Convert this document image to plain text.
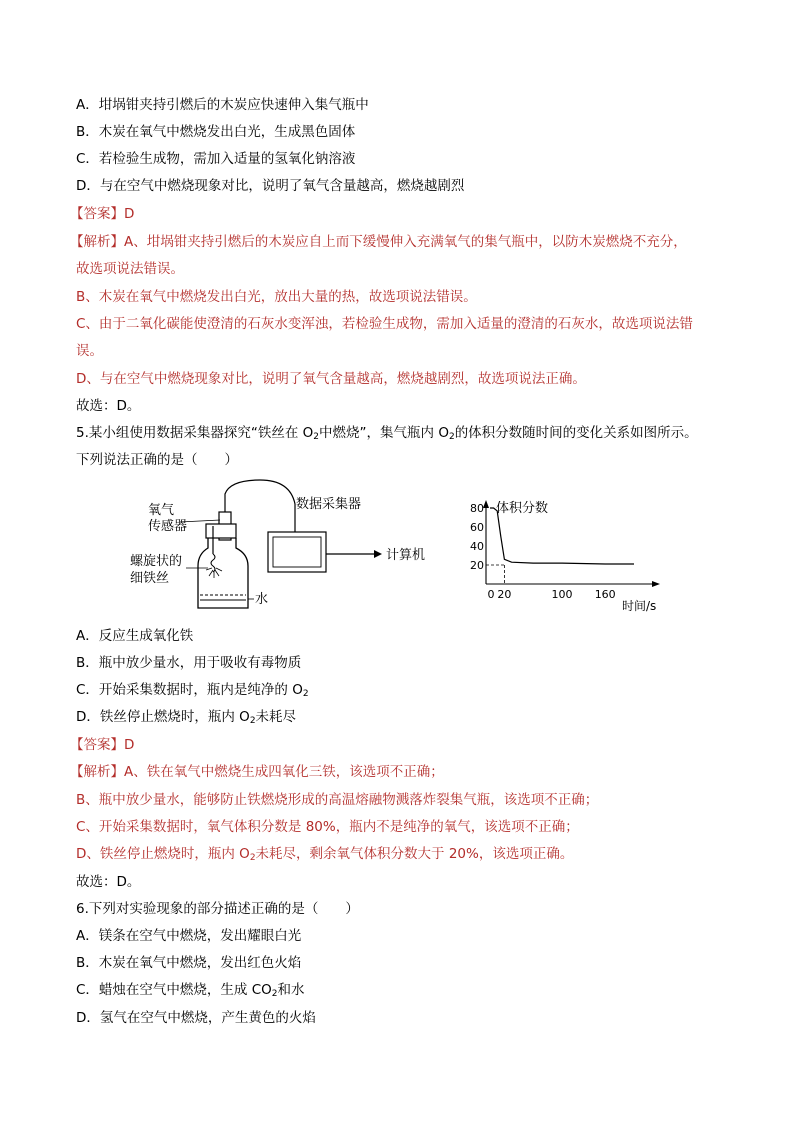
A．坩埚钳夹持引燃后的木炭应快速伸入集气瓶中
B．木炭在氧气中燃烧发出白光，生成黑色固体
C．若检验生成物，需加入适量的氢氧化钠溶液
D．与在空气中燃烧现象对比，说明了氧气含量越高，燃烧越剧烈
【答案】D
【解析】A、坩埚钳夹持引燃后的木炭应自上而下缓慢伸入充满氧气的集气瓶中，以防木炭燃烧不充分，
故选项说法错误。
B、木炭在氧气中燃烧发出白光，放出大量的热，故选项说法错误。
C、由于二氧化碳能使澄清的石灰水变浑浊，若检验生成物，需加入适量的澄清的石灰水，故选项说法错
误。
D、与在空气中燃烧现象对比，说明了氧气含量越高，燃烧越剧烈，故选项说法正确。
故选：D。
5.某小组使用数据采集器探究“铁丝在 $O_2$中燃烧”，集气瓶内 $O_2$的体积分数随时间的变化关系如图所示。
下列说法正确的是（　　）
氧气
传感器
螺旋状的
细铁丝
水
数据采集器
计算机
80
60
40
20
0 20	100 160
体积分数
时间/s
A．反应生成氧化铁
B．瓶中放少量水，用于吸收有毒物质
C．开始采集数据时，瓶内是纯净的 $O_2$
D．铁丝停止燃烧时，瓶内 $O_2$未耗尽
【答案】D
【解析】A、铁在氧气中燃烧生成四氧化三铁，该选项不正确；
B、瓶中放少量水，能够防止铁燃烧形成的高温熔融物溅落炸裂集气瓶，该选项不正确；
C、开始采集数据时，氧气体积分数是 80%，瓶内不是纯净的氧气，该选项不正确；
D、铁丝停止燃烧时，瓶内 $O_2$未耗尽，剩余氧气体积分数大于 20%，该选项正确。
故选：D。
6.下列对实验现象的部分描述正确的是（　　）
A．镁条在空气中燃烧，发出耀眼白光
B．木炭在氧气中燃烧，发出红色火焰
C．蜡烛在空气中燃烧，生成 $CO_2$和水
D．氢气在空气中燃烧，产生黄色的火焰
